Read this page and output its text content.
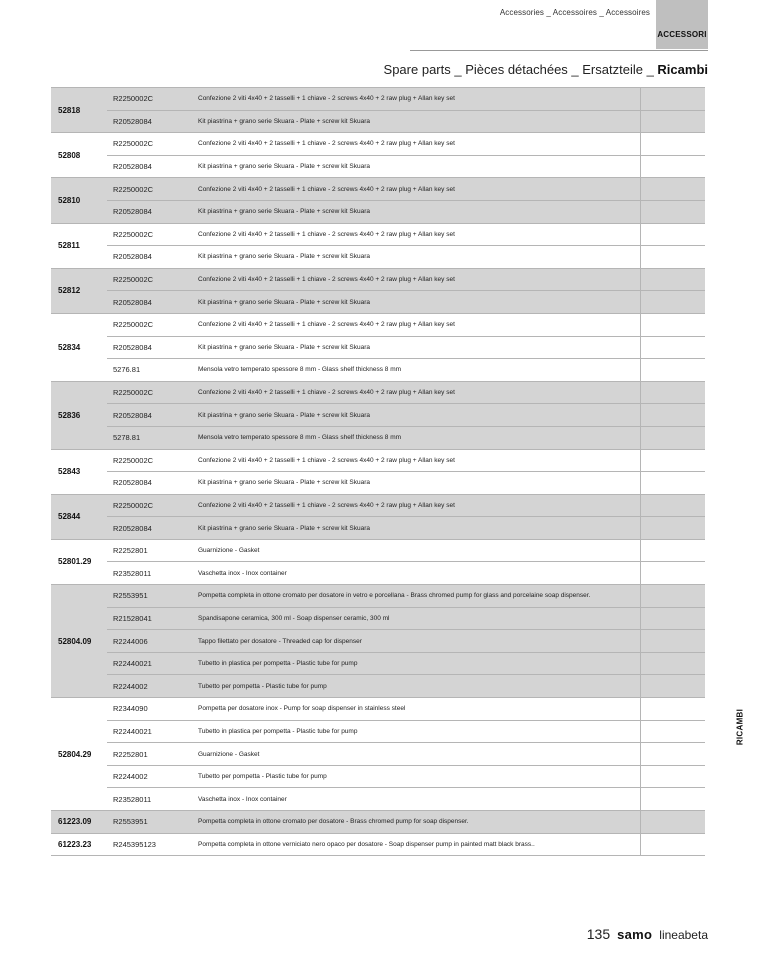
Accessories _ Accessoires _ Accessoires
ACCESSORI
Spare parts _ Pièces détachées _ Ersatzteile _ Ricambi
52818	R2250002C	Confezione 2 viti 4x40 + 2 tasselli + 1 chiave - 2 screws 4x40 + 2 raw plug + Allan key set	
	R20528084	Kit piastrina + grano serie Skuara - Plate + screw kit Skuara	
52808	R2250002C	Confezione 2 viti 4x40 + 2 tasselli + 1 chiave - 2 screws 4x40 + 2 raw plug + Allan key set	
	R20528084	Kit piastrina + grano serie Skuara - Plate + screw kit Skuara	
52810	R2250002C	Confezione 2 viti 4x40 + 2 tasselli + 1 chiave - 2 screws 4x40 + 2 raw plug + Allan key set	
	R20528084	Kit piastrina + grano serie Skuara - Plate + screw kit Skuara	
52811	R2250002C	Confezione 2 viti 4x40 + 2 tasselli + 1 chiave - 2 screws 4x40 + 2 raw plug + Allan key set	
	R20528084	Kit piastrina + grano serie Skuara - Plate + screw kit Skuara	
52812	R2250002C	Confezione 2 viti 4x40 + 2 tasselli + 1 chiave - 2 screws 4x40 + 2 raw plug + Allan key set	
	R20528084	Kit piastrina + grano serie Skuara - Plate + screw kit Skuara	
52834	R2250002C	Confezione 2 viti 4x40 + 2 tasselli + 1 chiave - 2 screws 4x40 + 2 raw plug + Allan key set	
	R20528084	Kit piastrina + grano serie Skuara - Plate + screw kit Skuara	
	5276.81	Mensola vetro temperato spessore 8 mm - Glass shelf thickness 8 mm	
52836	R2250002C	Confezione 2 viti 4x40 + 2 tasselli + 1 chiave - 2 screws 4x40 + 2 raw plug + Allan key set	
	R20528084	Kit piastrina + grano serie Skuara - Plate + screw kit Skuara	
	5278.81	Mensola vetro temperato spessore 8 mm - Glass shelf thickness 8 mm	
52843	R2250002C	Confezione 2 viti 4x40 + 2 tasselli + 1 chiave - 2 screws 4x40 + 2 raw plug + Allan key set	
	R20528084	Kit piastrina + grano serie Skuara - Plate + screw kit Skuara	
52844	R2250002C	Confezione 2 viti 4x40 + 2 tasselli + 1 chiave - 2 screws 4x40 + 2 raw plug + Allan key set	
	R20528084	Kit piastrina + grano serie Skuara - Plate + screw kit Skuara	
52801.29	R2252801	Guarnizione - Gasket	
	R23528011	Vaschetta inox - Inox container	
52804.09	R2553951	Pompetta completa in ottone cromato per dosatore in vetro e porcellana - Brass chromed pump for glass and porcelaine soap dispenser.	
	R21528041	Spandisapone ceramica, 300 ml - Soap dispenser ceramic, 300 ml	
	R2244006	Tappo filettato per dosatore - Threaded cap for dispenser	
	R22440021	Tubetto in plastica per pompetta - Plastic tube for pump	
	R2244002	Tubetto per pompetta - Plastic tube for pump	
52804.29	R2344090	Pompetta per dosatore inox - Pump for soap dispenser in stainless steel	
	R22440021	Tubetto in plastica per pompetta - Plastic tube for pump	
	R2252801	Guarnizione - Gasket	
	R2244002	Tubetto per pompetta - Plastic tube for pump	
	R23528011	Vaschetta inox - Inox container	
61223.09	R2553951	Pompetta completa in ottone cromato per dosatore - Brass chromed pump for soap dispenser.	
61223.23	R245395123	Pompetta completa in ottone verniciato nero opaco per dosatore - Soap dispenser pump in painted matt black brass..	
RICAMBI
135 samo lineabeta
